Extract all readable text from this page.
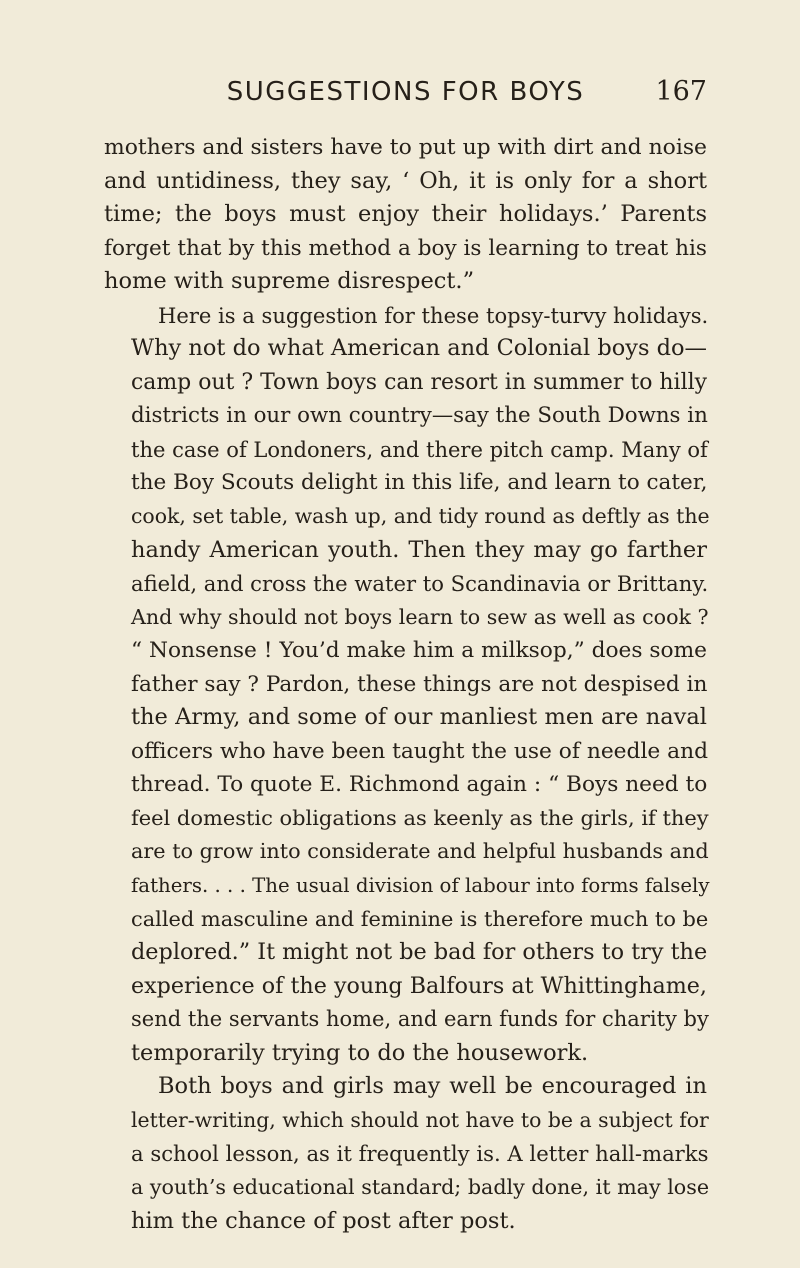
SUGGESTIONS FOR BOYS	167
mothers and sisters have to put up with dirt and noise
and untidiness, they say, ‘ Oh, it is only for a short
time; the boys must enjoy their holidays.’ Parents
forget that by this method a boy is learning to treat his
home with supreme disrespect.”
Here is a suggestion for these topsy-turvy holidays.
Why not do what American and Colonial boys do—
camp out ? Town boys can resort in summer to hilly
districts in our own country—say the South Downs in
the case of Londoners, and there pitch camp. Many of
the Boy Scouts delight in this life, and learn to cater,
cook, set table, wash up, and tidy round as deftly as the
handy American youth. Then they may go farther
afield, and cross the water to Scandinavia or Brittany.
And why should not boys learn to sew as well as cook ?
“ Nonsense ! You’d make him a milksop,” does some
father say ? Pardon, these things are not despised in
the Army, and some of our manliest men are naval
officers who have been taught the use of needle and
thread. To quote E. Richmond again : “ Boys need to
feel domestic obligations as keenly as the girls, if they
are to grow into considerate and helpful husbands and
fathers. . . . The usual division of labour into forms falsely
called masculine and feminine is therefore much to be
deplored.” It might not be bad for others to try the
experience of the young Balfours at Whittinghame,
send the servants home, and earn funds for charity by
temporarily trying to do the housework.
Both boys and girls may well be encouraged in
letter-writing, which should not have to be a subject for
a school lesson, as it frequently is. A letter hall-marks
a youth’s educational standard; badly done, it may lose
him the chance of post after post.
